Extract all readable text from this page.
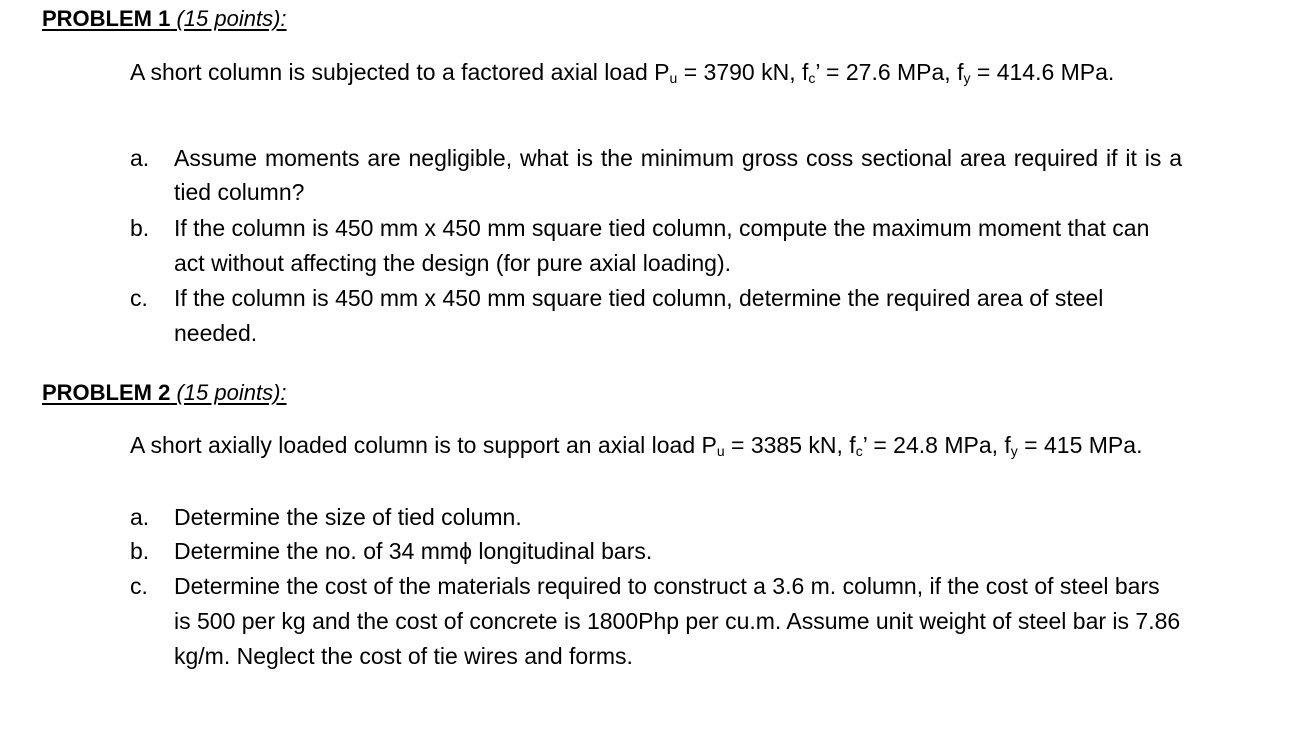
PROBLEM 1 (15 points):
A short column is subjected to a factored axial load $P_u = 3790$ kN, $f_c$’ = 27.6 MPa, $f_y = 414.6$ MPa.
a. Assume moments are negligible, what is the minimum gross coss sectional area required if it is a tied column?
b. If the column is 450 mm x 450 mm square tied column, compute the maximum moment that can act without affecting the design (for pure axial loading).
c. If the column is 450 mm x 450 mm square tied column, determine the required area of steel needed.
PROBLEM 2 (15 points):
A short axially loaded column is to support an axial load $P_u = 3385$ kN, $f_c$’ = 24.8 MPa, $f_y = 415$ MPa.
a. Determine the size of tied column.
b. Determine the no. of 34 mmϕ longitudinal bars.
c. Determine the cost of the materials required to construct a 3.6 m. column, if the cost of steel bars is 500 per kg and the cost of concrete is 1800Php per cu.m. Assume unit weight of steel bar is 7.86 kg/m. Neglect the cost of tie wires and forms.
